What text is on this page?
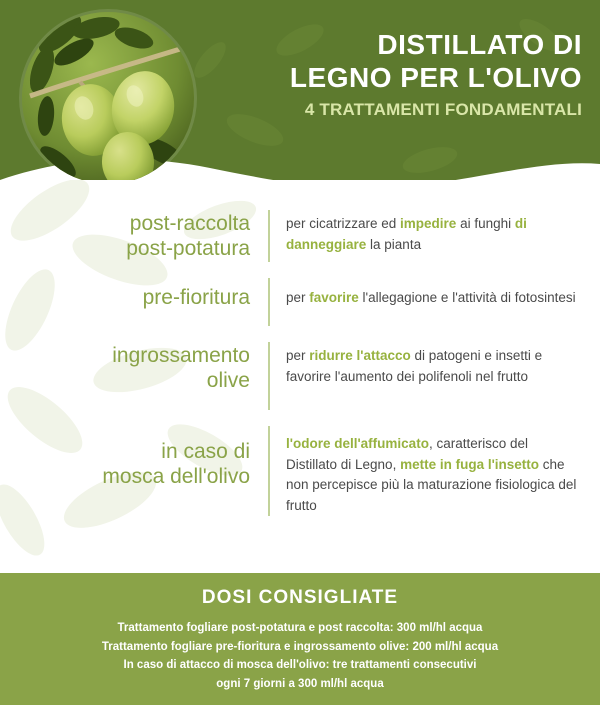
DISTILLATO DI
LEGNO PER L'OLIVO
4 TRATTAMENTI FONDAMENTALI
post-raccolta
post-potatura
per cicatrizzare ed impedire ai funghi di danneggiare la pianta
pre-fioritura	per favorire l'allegagione e l'attività di fotosintesi
ingrossamento
olive
per ridurre l'attacco di patogeni e insetti e favorire l'aumento dei polifenoli nel frutto
in caso di
mosca dell'olivo
l'odore dell'affumicato, caratterisco del Distillato di Legno, mette in fuga l'insetto che non percepisce più la maturazione fisiologica del frutto
DOSI CONSIGLIATE
Trattamento fogliare post-potatura e post raccolta: 300 ml/hl acqua
Trattamento fogliare pre-fioritura e ingrossamento olive: 200 ml/hl acqua
In caso di attacco di mosca dell'olivo: tre trattamenti consecutivi
ogni 7 giorni a 300 ml/hl acqua
